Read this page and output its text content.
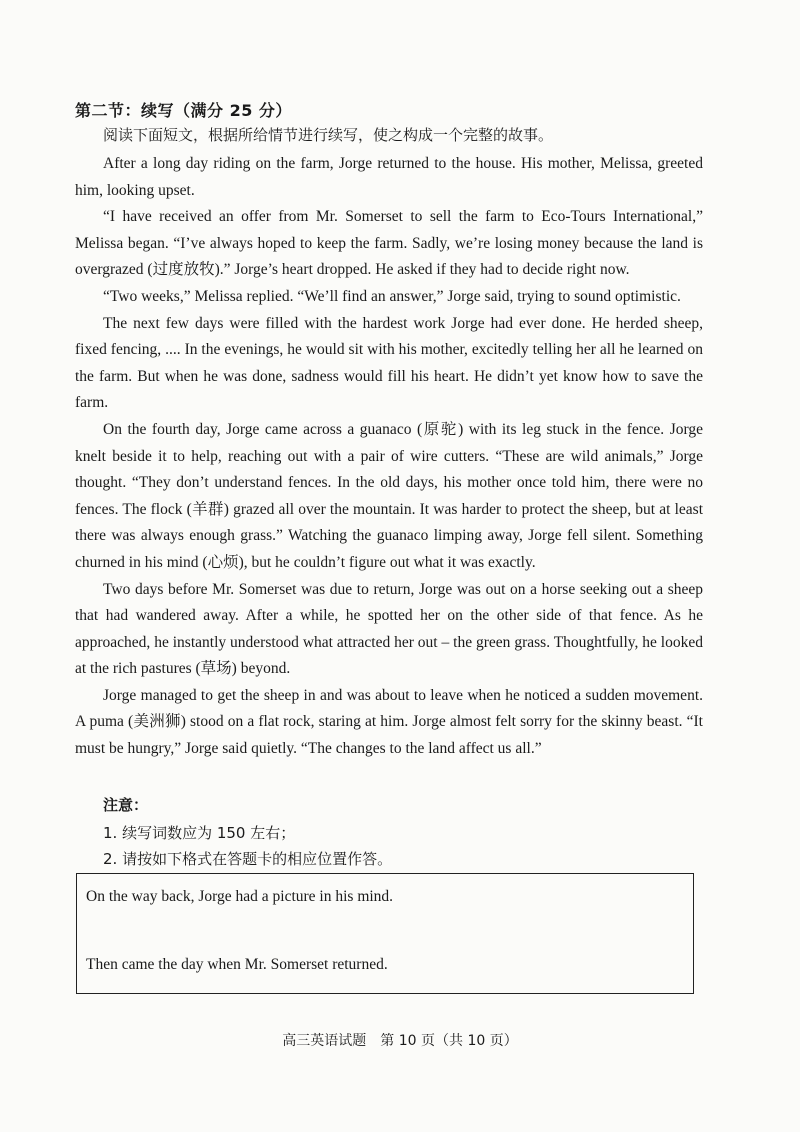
第二节：续写（满分 25 分）
阅读下面短文，根据所给情节进行续写，使之构成一个完整的故事。

After a long day riding on the farm, Jorge returned to the house. His mother, Melissa, greeted him, looking upset.

“I have received an offer from Mr. Somerset to sell the farm to Eco-Tours International,” Melissa began. “I’ve always hoped to keep the farm. Sadly, we’re losing money because the land is overgrazed (过度放牧).” Jorge’s heart dropped. He asked if they had to decide right now.

“Two weeks,” Melissa replied. “We’ll find an answer,” Jorge said, trying to sound optimistic.

The next few days were filled with the hardest work Jorge had ever done. He herded sheep, fixed fencing, .... In the evenings, he would sit with his mother, excitedly telling her all he learned on the farm. But when he was done, sadness would fill his heart. He didn’t yet know how to save the farm.

On the fourth day, Jorge came across a guanaco (原驼) with its leg stuck in the fence. Jorge knelt beside it to help, reaching out with a pair of wire cutters. “These are wild animals,” Jorge thought. “They don’t understand fences. In the old days, his mother once told him, there were no fences. The flock (羊群) grazed all over the mountain. It was harder to protect the sheep, but at least there was always enough grass.” Watching the guanaco limping away, Jorge fell silent. Something churned in his mind (心烦), but he couldn’t figure out what it was exactly.

Two days before Mr. Somerset was due to return, Jorge was out on a horse seeking out a sheep that had wandered away. After a while, he spotted her on the other side of that fence. As he approached, he instantly understood what attracted her out – the green grass. Thoughtfully, he looked at the rich pastures (草场) beyond.

Jorge managed to get the sheep in and was about to leave when he noticed a sudden movement. A puma (美洲狮) stood on a flat rock, staring at him. Jorge almost felt sorry for the skinny beast. “It must be hungry,” Jorge said quietly. “The changes to the land affect us all.”

注意：
1. 续写词数应为 150 左右；
2. 请按如下格式在答题卡的相应位置作答。
On the way back, Jorge had a picture in his mind.
Then came the day when Mr. Somerset returned.
高三英语试题　第 10 页（共 10 页）
